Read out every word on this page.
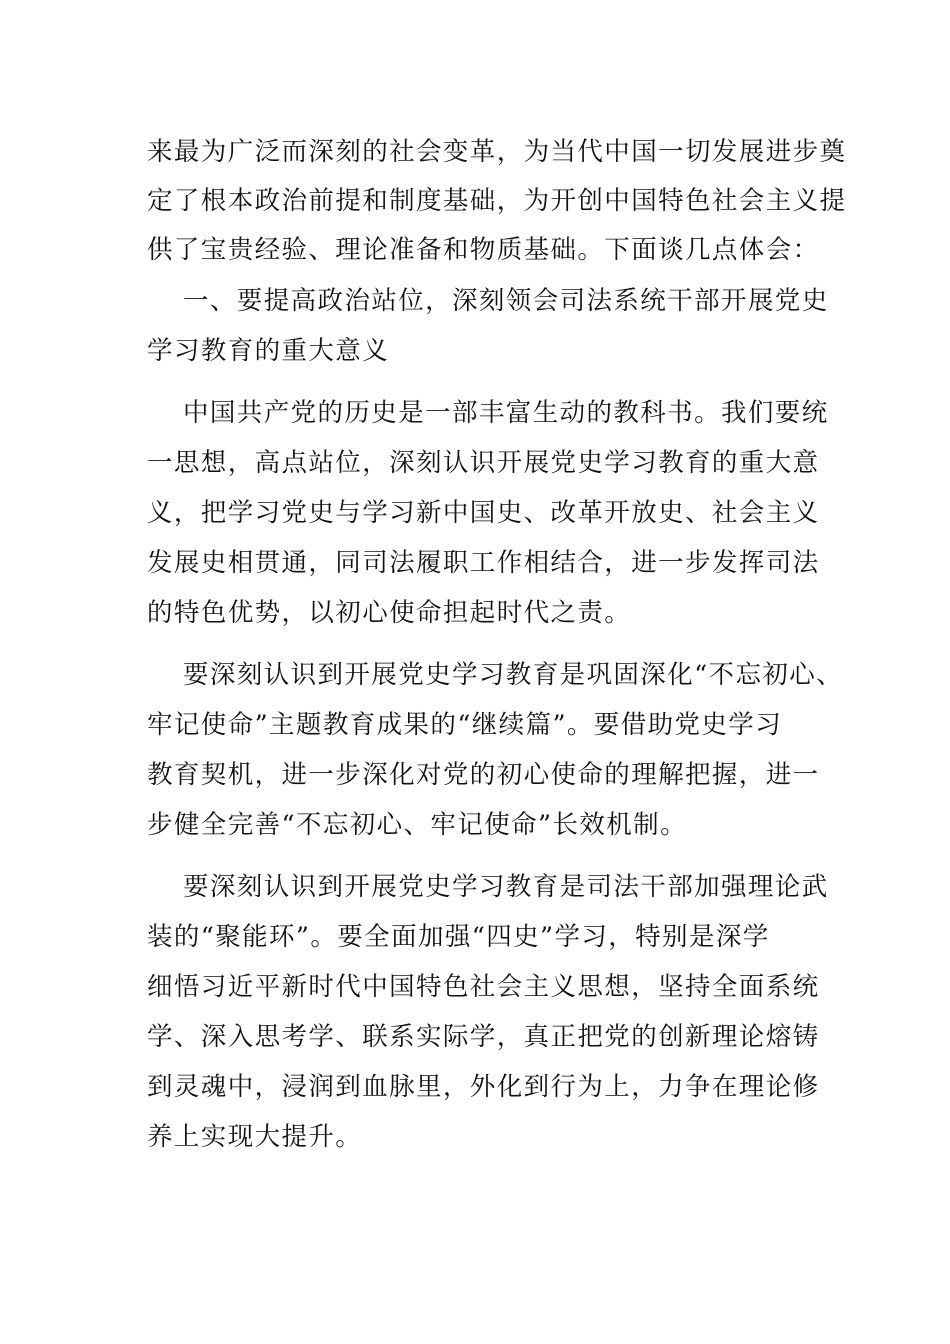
来最为广泛而深刻的社会变革，为当代中国一切发展进步奠
定了根本政治前提和制度基础，为开创中国特色社会主义提
供了宝贵经验、理论准备和物质基础。下面谈几点体会：
一、要提高政治站位，深刻领会司法系统干部开展党史
学习教育的重大意义
中国共产党的历史是一部丰富生动的教科书。我们要统
一思想，高点站位，深刻认识开展党史学习教育的重大意
义，把学习党史与学习新中国史、改革开放史、社会主义
发展史相贯通，同司法履职工作相结合，进一步发挥司法
的特色优势，以初心使命担起时代之责。
要深刻认识到开展党史学习教育是巩固深化“不忘初心、
牢记使命”主题教育成果的“继续篇”。要借助党史学习
教育契机，进一步深化对党的初心使命的理解把握，进一
步健全完善“不忘初心、牢记使命”长效机制。
要深刻认识到开展党史学习教育是司法干部加强理论武
装的“聚能环”。要全面加强“四史”学习，特别是深学
细悟习近平新时代中国特色社会主义思想，坚持全面系统
学、深入思考学、联系实际学，真正把党的创新理论熔铸
到灵魂中，浸润到血脉里，外化到行为上，力争在理论修
养上实现大提升。
